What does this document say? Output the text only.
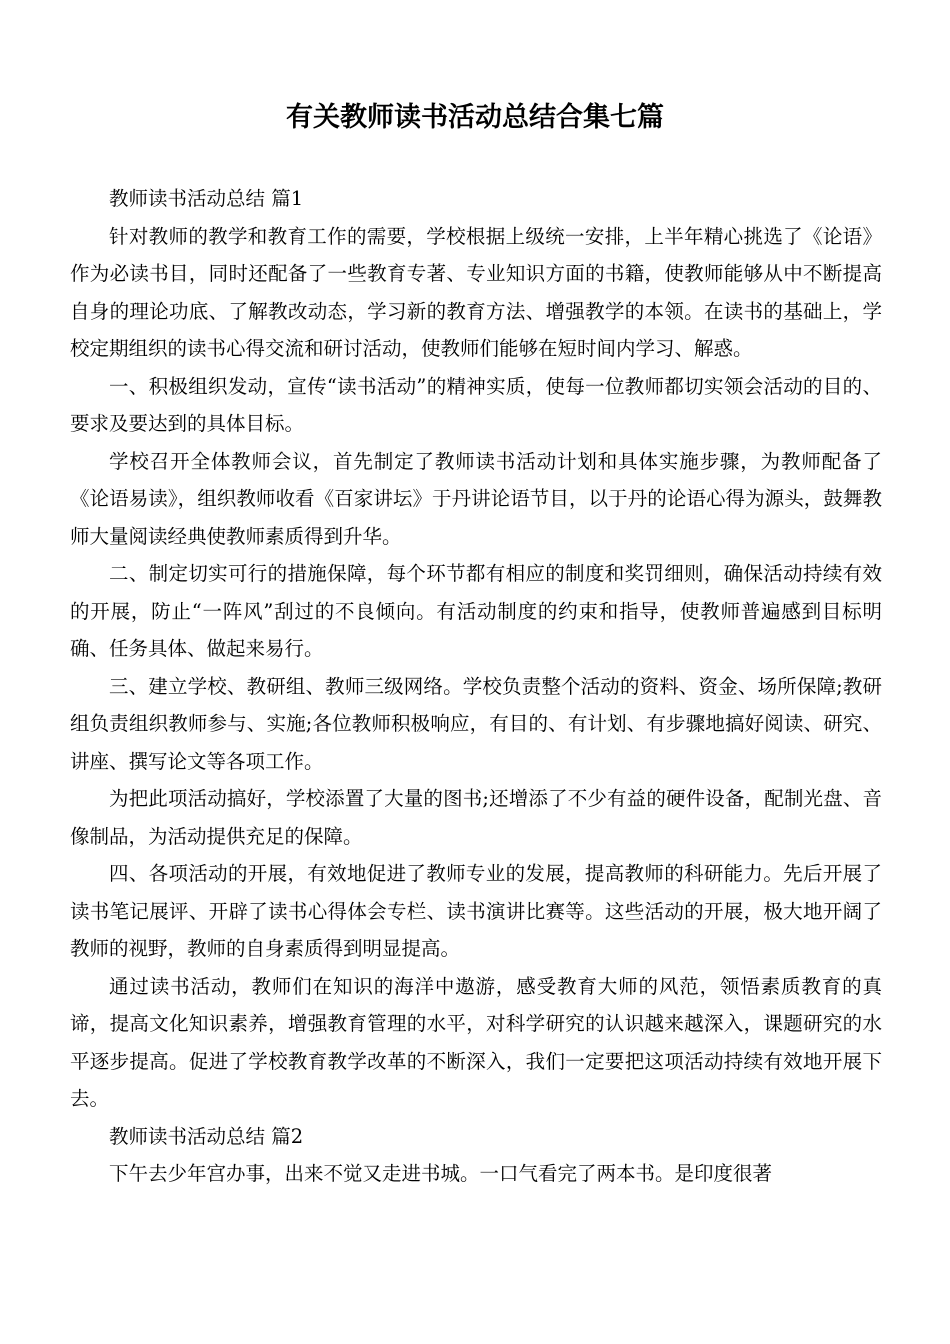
有关教师读书活动总结合集七篇

教师读书活动总结 篇1

针对教师的教学和教育工作的需要，学校根据上级统一安排，上半年精心挑选了《论语》作为必读书目，同时还配备了一些教育专著、专业知识方面的书籍，使教师能够从中不断提高自身的理论功底、了解教改动态，学习新的教育方法、增强教学的本领。在读书的基础上，学校定期组织的读书心得交流和研讨活动，使教师们能够在短时间内学习、解惑。

一、积极组织发动，宣传“读书活动”的精神实质，使每一位教师都切实领会活动的目的、要求及要达到的具体目标。

学校召开全体教师会议，首先制定了教师读书活动计划和具体实施步骤，为教师配备了《论语易读》，组织教师收看《百家讲坛》于丹讲论语节目，以于丹的论语心得为源头，鼓舞教师大量阅读经典使教师素质得到升华。

二、制定切实可行的措施保障，每个环节都有相应的制度和奖罚细则，确保活动持续有效的开展，防止“一阵风”刮过的不良倾向。有活动制度的约束和指导，使教师普遍感到目标明确、任务具体、做起来易行。

三、建立学校、教研组、教师三级网络。学校负责整个活动的资料、资金、场所保障;教研组负责组织教师参与、实施;各位教师积极响应，有目的、有计划、有步骤地搞好阅读、研究、讲座、撰写论文等各项工作。

为把此项活动搞好，学校添置了大量的图书;还增添了不少有益的硬件设备，配制光盘、音像制品，为活动提供充足的保障。

四、各项活动的开展，有效地促进了教师专业的发展，提高教师的科研能力。先后开展了读书笔记展评、开辟了读书心得体会专栏、读书演讲比赛等。这些活动的开展，极大地开阔了教师的视野，教师的自身素质得到明显提高。

通过读书活动，教师们在知识的海洋中遨游，感受教育大师的风范，领悟素质教育的真谛，提高文化知识素养，增强教育管理的水平，对科学研究的认识越来越深入，课题研究的水平逐步提高。促进了学校教育教学改革的不断深入，我们一定要把这项活动持续有效地开展下去。

教师读书活动总结 篇2

下午去少年宫办事，出来不觉又走进书城。一口气看完了两本书。是印度很著
